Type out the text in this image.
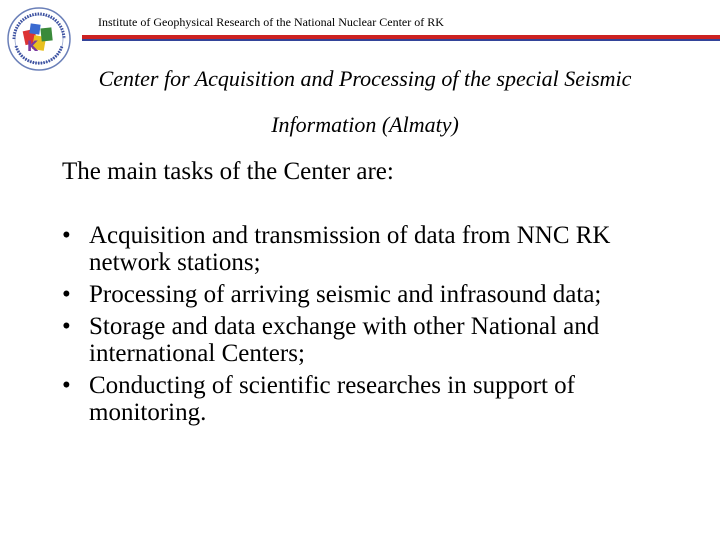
K
Institute of Geophysical Research of the National Nuclear Center of RK
Center for Acquisition and Processing of the special Seismic
Information (Almaty)
The main tasks of the Center are:
• Acquisition and transmission of data from NNC RK network stations;
• Processing of arriving seismic and infrasound data;
• Storage and data exchange with other National and international Centers;
• Conducting of scientific researches in support of monitoring.
